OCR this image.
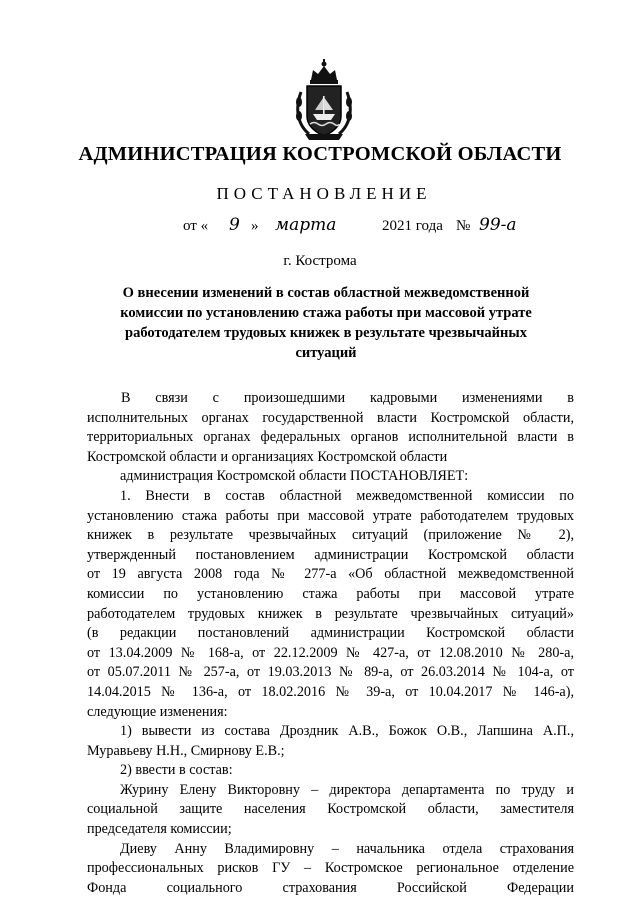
АДМИНИСТРАЦИЯ КОСТРОМСКОЙ ОБЛАСТИ
ПОСТАНОВЛЕНИЕ
от « 9 » марта	2021 года № 99-а
г. Кострома
О внесении изменений в состав областной межведомственной
комиссии по установлению стажа работы при массовой утрате
работодателем трудовых книжек в результате чрезвычайных
ситуаций
В связи с произошедшими кадровыми изменениями в
исполнительных органах государственной власти Костромской области,
территориальных органах федеральных органов исполнительной власти в
Костромской области и организациях Костромской области
администрация Костромской области ПОСТАНОВЛЯЕТ:
1. Внести в состав областной межведомственной комиссии по
установлению стажа работы при массовой утрате работодателем трудовых
книжек в результате чрезвычайных ситуаций (приложение № 2),
утвержденный постановлением администрации Костромской области
от 19 августа 2008 года № 277-а «Об областной межведомственной
комиссии по установлению стажа работы при массовой утрате
работодателем трудовых книжек в результате чрезвычайных ситуаций»
(в редакции постановлений администрации Костромской области
от 13.04.2009 № 168-а, от 22.12.2009 № 427-а, от 12.08.2010 № 280-а,
от 05.07.2011 № 257-а, от 19.03.2013 № 89-а, от 26.03.2014 № 104-а, от
14.04.2015 № 136-а, от 18.02.2016 № 39-а, от 10.04.2017 № 146-а),
следующие изменения:
1) вывести из состава Дроздник А.В., Божок О.В., Лапшина А.П.,
Муравьеву Н.Н., Смирнову Е.В.;
2) ввести в состав:
Журину Елену Викторовну – директора департамента по труду и
социальной защите населения Костромской области, заместителя
председателя комиссии;
Диеву Анну Владимировну – начальника отдела страхования
профессиональных рисков ГУ – Костромское региональное отделение
Фонда социального страхования Российской Федерации
